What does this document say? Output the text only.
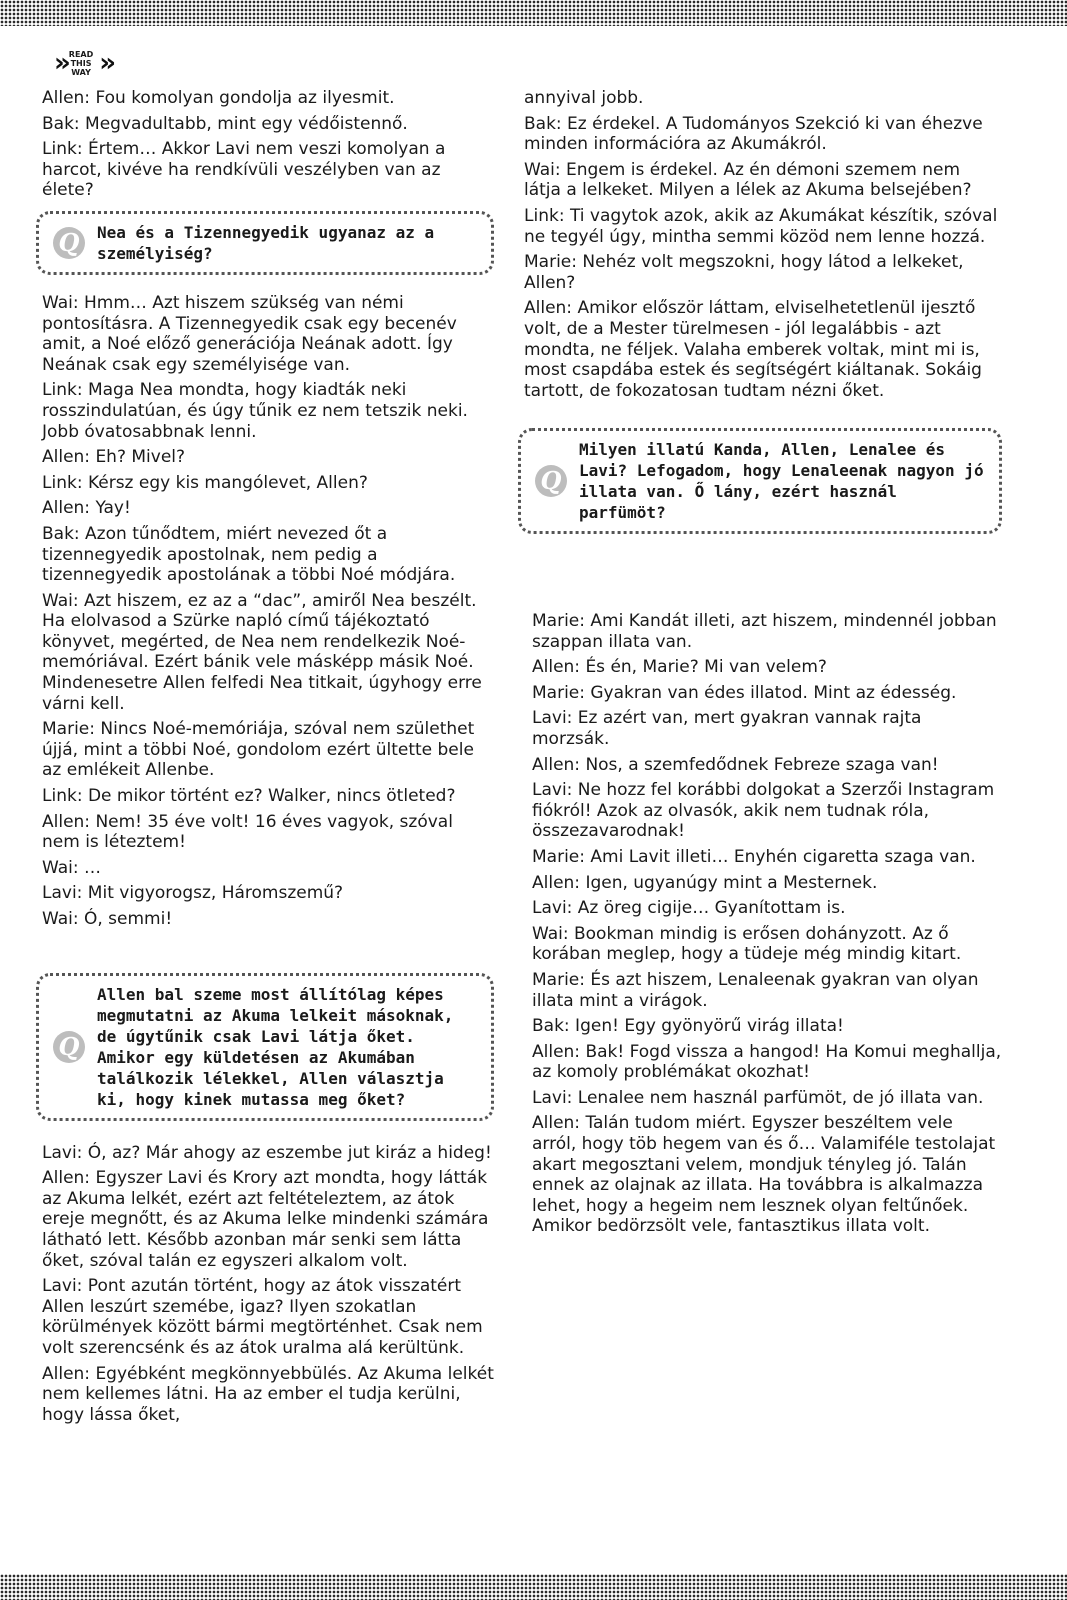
» READ
THIS
WAY »

Allen: Fou komolyan gondolja az ilyesmit.

Bak: Megvadultabb, mint egy védőistennő.

Link: Értem… Akkor Lavi nem veszi komolyan a harcot, kivéve ha rendkívüli veszélyben van az élete?

Q	Nea és a Tizennegyedik ugyanaz az a személyiség?

Wai: Hmm… Azt hiszem szükség van némi pontosításra. A Tizennegyedik csak egy becenév amit, a Noé előző generációja Neának adott. Így Neának csak egy személyisége van.

Link: Maga Nea mondta, hogy kiadták neki rosszindulatúan, és úgy tűnik ez nem tetszik neki. Jobb óvatosabbnak lenni.

Allen: Eh? Mivel?

Link: Kérsz egy kis mangólevet, Allen?

Allen: Yay!

Bak: Azon tűnődtem, miért nevezed őt a tizennegyedik apostolnak, nem pedig a tizennegyedik apostolának a többi Noé módjára.

Wai: Azt hiszem, ez az a “dac”, amiről Nea beszélt. Ha elolvasod a Szürke napló című tájékoztató könyvet, megérted, de Nea nem rendelkezik Noé-memóriával. Ezért bánik vele másképp másik Noé. Mindenesetre Allen felfedi Nea titkait, úgyhogy erre várni kell.

Marie: Nincs Noé-memóriája, szóval nem születhet újjá, mint a többi Noé, gondolom ezért ültette bele az emlékeit Allenbe.

Link: De mikor történt ez? Walker, nincs ötleted?

Allen: Nem! 35 éve volt! 16 éves vagyok, szóval nem is léteztem!

Wai: …

Lavi: Mit vigyorogsz, Háromszemű?

Wai: Ó, semmi!

Q
Allen bal szeme most állítólag képes megmutatni az Akuma lelkeit másoknak, de úgytűnik csak Lavi látja őket. Amikor egy küldetésen az Akumában találkozik lélekkel, Allen választja ki, hogy kinek mutassa meg őket?

Lavi: Ó, az? Már ahogy az eszembe jut kiráz a hideg!

Allen: Egyszer Lavi és Krory azt mondta, hogy látták az Akuma lelkét, ezért azt feltételeztem, az átok ereje megnőtt, és az Akuma lelke mindenki számára látható lett. Később azonban már senki sem látta őket, szóval talán ez egyszeri alkalom volt.

Lavi: Pont azután történt, hogy az átok visszatért Allen leszúrt szemébe, igaz? Ilyen szokatlan körülmények között bármi megtörténhet. Csak nem volt szerencsénk és az átok uralma alá kerültünk.

Allen: Egyébként megkönnyebbülés. Az Akuma lelkét nem kellemes látni. Ha az ember el tudja kerülni, hogy lássa őket,

annyival jobb.

Bak: Ez érdekel. A Tudományos Szekció ki van éhezve minden információra az Akumákról.

Wai: Engem is érdekel. Az én démoni szemem nem látja a lelkeket. Milyen a lélek az Akuma belsejében?

Link: Ti vagytok azok, akik az Akumákat készítik, szóval ne tegyél úgy, mintha semmi közöd nem lenne hozzá.

Marie: Nehéz volt megszokni, hogy látod a lelkeket, Allen?

Allen: Amikor először láttam, elviselhetetlenül ijesztő volt, de a Mester türelmesen - jól legalábbis - azt mondta, ne féljek. Valaha emberek voltak, mint mi is, most csapdába estek és segítségért kiáltanak. Sokáig tartott, de fokozatosan tudtam nézni őket.

Q
Milyen illatú Kanda, Allen, Lenalee és Lavi? Lefogadom, hogy Lenaleenak nagyon jó illata van. Ő lány, ezért használ parfümöt?

Marie: Ami Kandát illeti, azt hiszem, mindennél jobban szappan illata van.

Allen: És én, Marie? Mi van velem?

Marie: Gyakran van édes illatod. Mint az édesség.

Lavi: Ez azért van, mert gyakran vannak rajta morzsák.

Allen: Nos, a szemfedődnek Febreze szaga van!

Lavi: Ne hozz fel korábbi dolgokat a Szerzői Instagram fiókról! Azok az olvasók, akik nem tudnak róla, összezavarodnak!

Marie: Ami Lavit illeti… Enyhén cigaretta szaga van.

Allen: Igen, ugyanúgy mint a Mesternek.

Lavi: Az öreg cigije… Gyanítottam is.

Wai: Bookman mindig is erősen dohányzott. Az ő korában meglep, hogy a tüdeje még mindig kitart.

Marie: És azt hiszem, Lenaleenak gyakran van olyan illata mint a virágok.

Bak: Igen! Egy gyönyörű virág illata!

Allen: Bak! Fogd vissza a hangod! Ha Komui meghallja, az komoly problémákat okozhat!

Lavi: Lenalee nem használ parfümöt, de jó illata van.

Allen: Talán tudom miért. Egyszer beszéltem vele arról, hogy töb hegem van és ő… Valamiféle testolajat akart megosztani velem, mondjuk tényleg jó. Talán ennek az olajnak az illata. Ha továbbra is alkalmazza lehet, hogy a hegeim nem lesznek olyan feltűnőek. Amikor bedörzsölt vele, fantasztikus illata volt.
